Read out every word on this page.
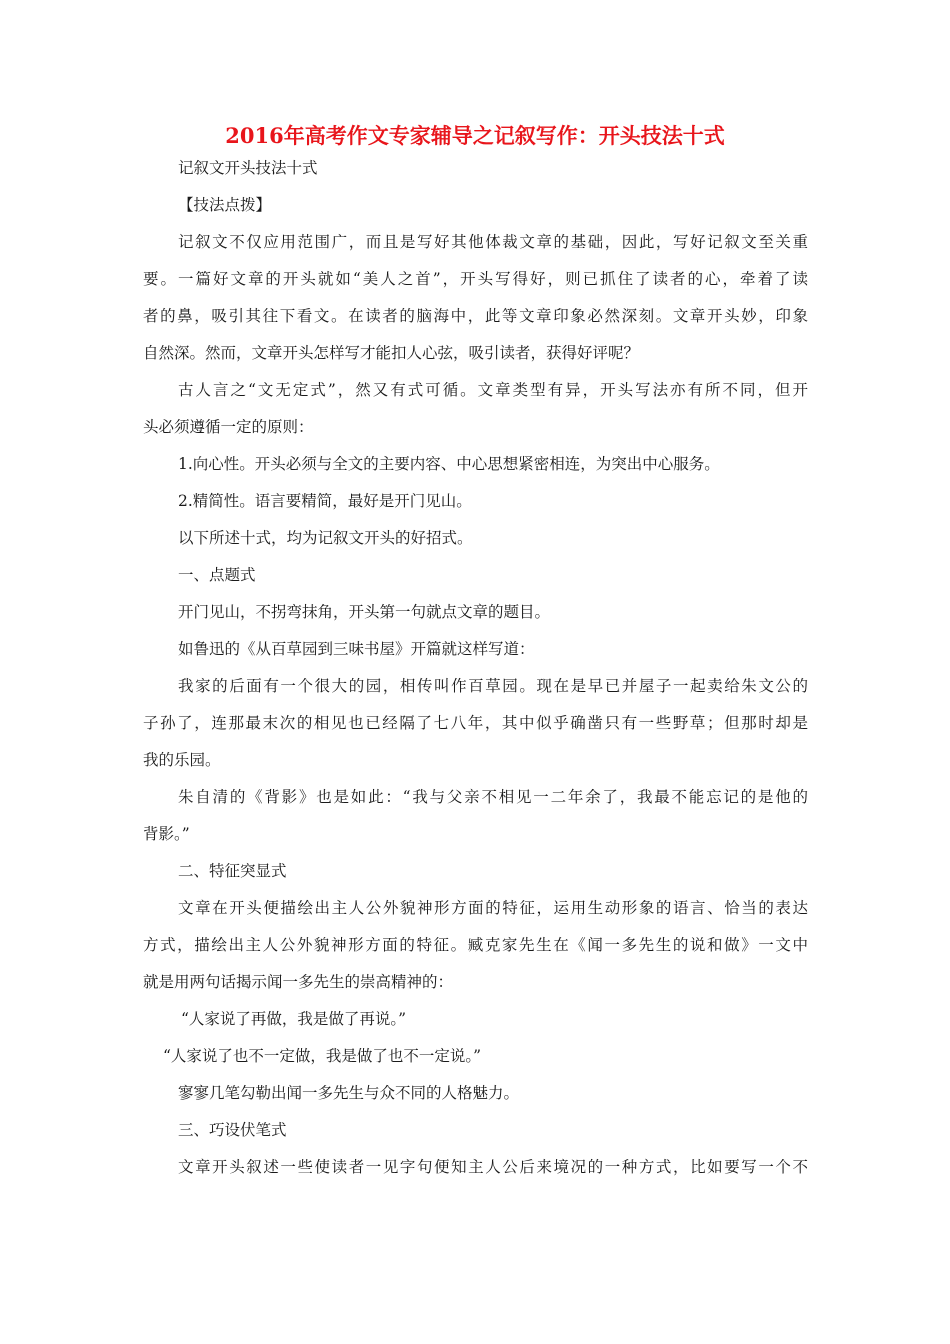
2016年高考作文专家辅导之记叙写作：开头技法十式
记叙文开头技法十式
【技法点拨】
记叙文不仅应用范围广，而且是写好其他体裁文章的基础，因此，写好记叙文至关重
要。一篇好文章的开头就如“美人之首”，开头写得好，则已抓住了读者的心，牵着了读
者的鼻，吸引其往下看文。在读者的脑海中，此等文章印象必然深刻。文章开头妙，印象
自然深。然而，文章开头怎样写才能扣人心弦，吸引读者，获得好评呢？
古人言之“文无定式”，然又有式可循。文章类型有异，开头写法亦有所不同，但开
头必须遵循一定的原则：
1.向心性。开头必须与全文的主要内容、中心思想紧密相连，为突出中心服务。
2.精简性。语言要精简，最好是开门见山。
以下所述十式，均为记叙文开头的好招式。
一、点题式
开门见山，不拐弯抹角，开头第一句就点文章的题目。
如鲁迅的《从百草园到三味书屋》开篇就这样写道：
我家的后面有一个很大的园，相传叫作百草园。现在是早已并屋子一起卖给朱文公的
子孙了，连那最末次的相见也已经隔了七八年，其中似乎确凿只有一些野草；但那时却是
我的乐园。
朱自清的《背影》也是如此：“我与父亲不相见一二年余了，我最不能忘记的是他的
背影。”
二、特征突显式
文章在开头便描绘出主人公外貌神形方面的特征，运用生动形象的语言、恰当的表达
方式，描绘出主人公外貌神形方面的特征。臧克家先生在《闻一多先生的说和做》一文中
就是用两句话揭示闻一多先生的崇高精神的：
“人家说了再做，我是做了再说。”
“人家说了也不一定做，我是做了也不一定说。”
寥寥几笔勾勒出闻一多先生与众不同的人格魅力。
三、巧设伏笔式
文章开头叙述一些使读者一见字句便知主人公后来境况的一种方式，比如要写一个不
